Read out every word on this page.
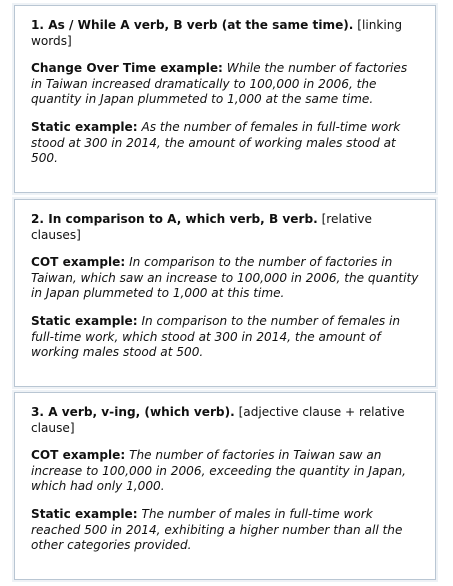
1. As / While A verb, B verb (at the same time). [linking words]

Change Over Time example: While the number of factories in Taiwan increased dramatically to 100,000 in 2006, the quantity in Japan plummeted to 1,000 at the same time.

Static example: As the number of females in full-time work stood at 300 in 2014, the amount of working males stood at 500.

2. In comparison to A, which verb, B verb. [relative clauses]

COT example: In comparison to the number of factories in Taiwan, which saw an increase to 100,000 in 2006, the quantity in Japan plummeted to 1,000 at this time.

Static example: In comparison to the number of females in full-time work, which stood at 300 in 2014, the amount of working males stood at 500.

3. A verb, v-ing, (which verb). [adjective clause + relative clause]

COT example: The number of factories in Taiwan saw an increase to 100,000 in 2006, exceeding the quantity in Japan, which had only 1,000.

Static example: The number of males in full-time work reached 500 in 2014, exhibiting a higher number than all the other categories provided.
